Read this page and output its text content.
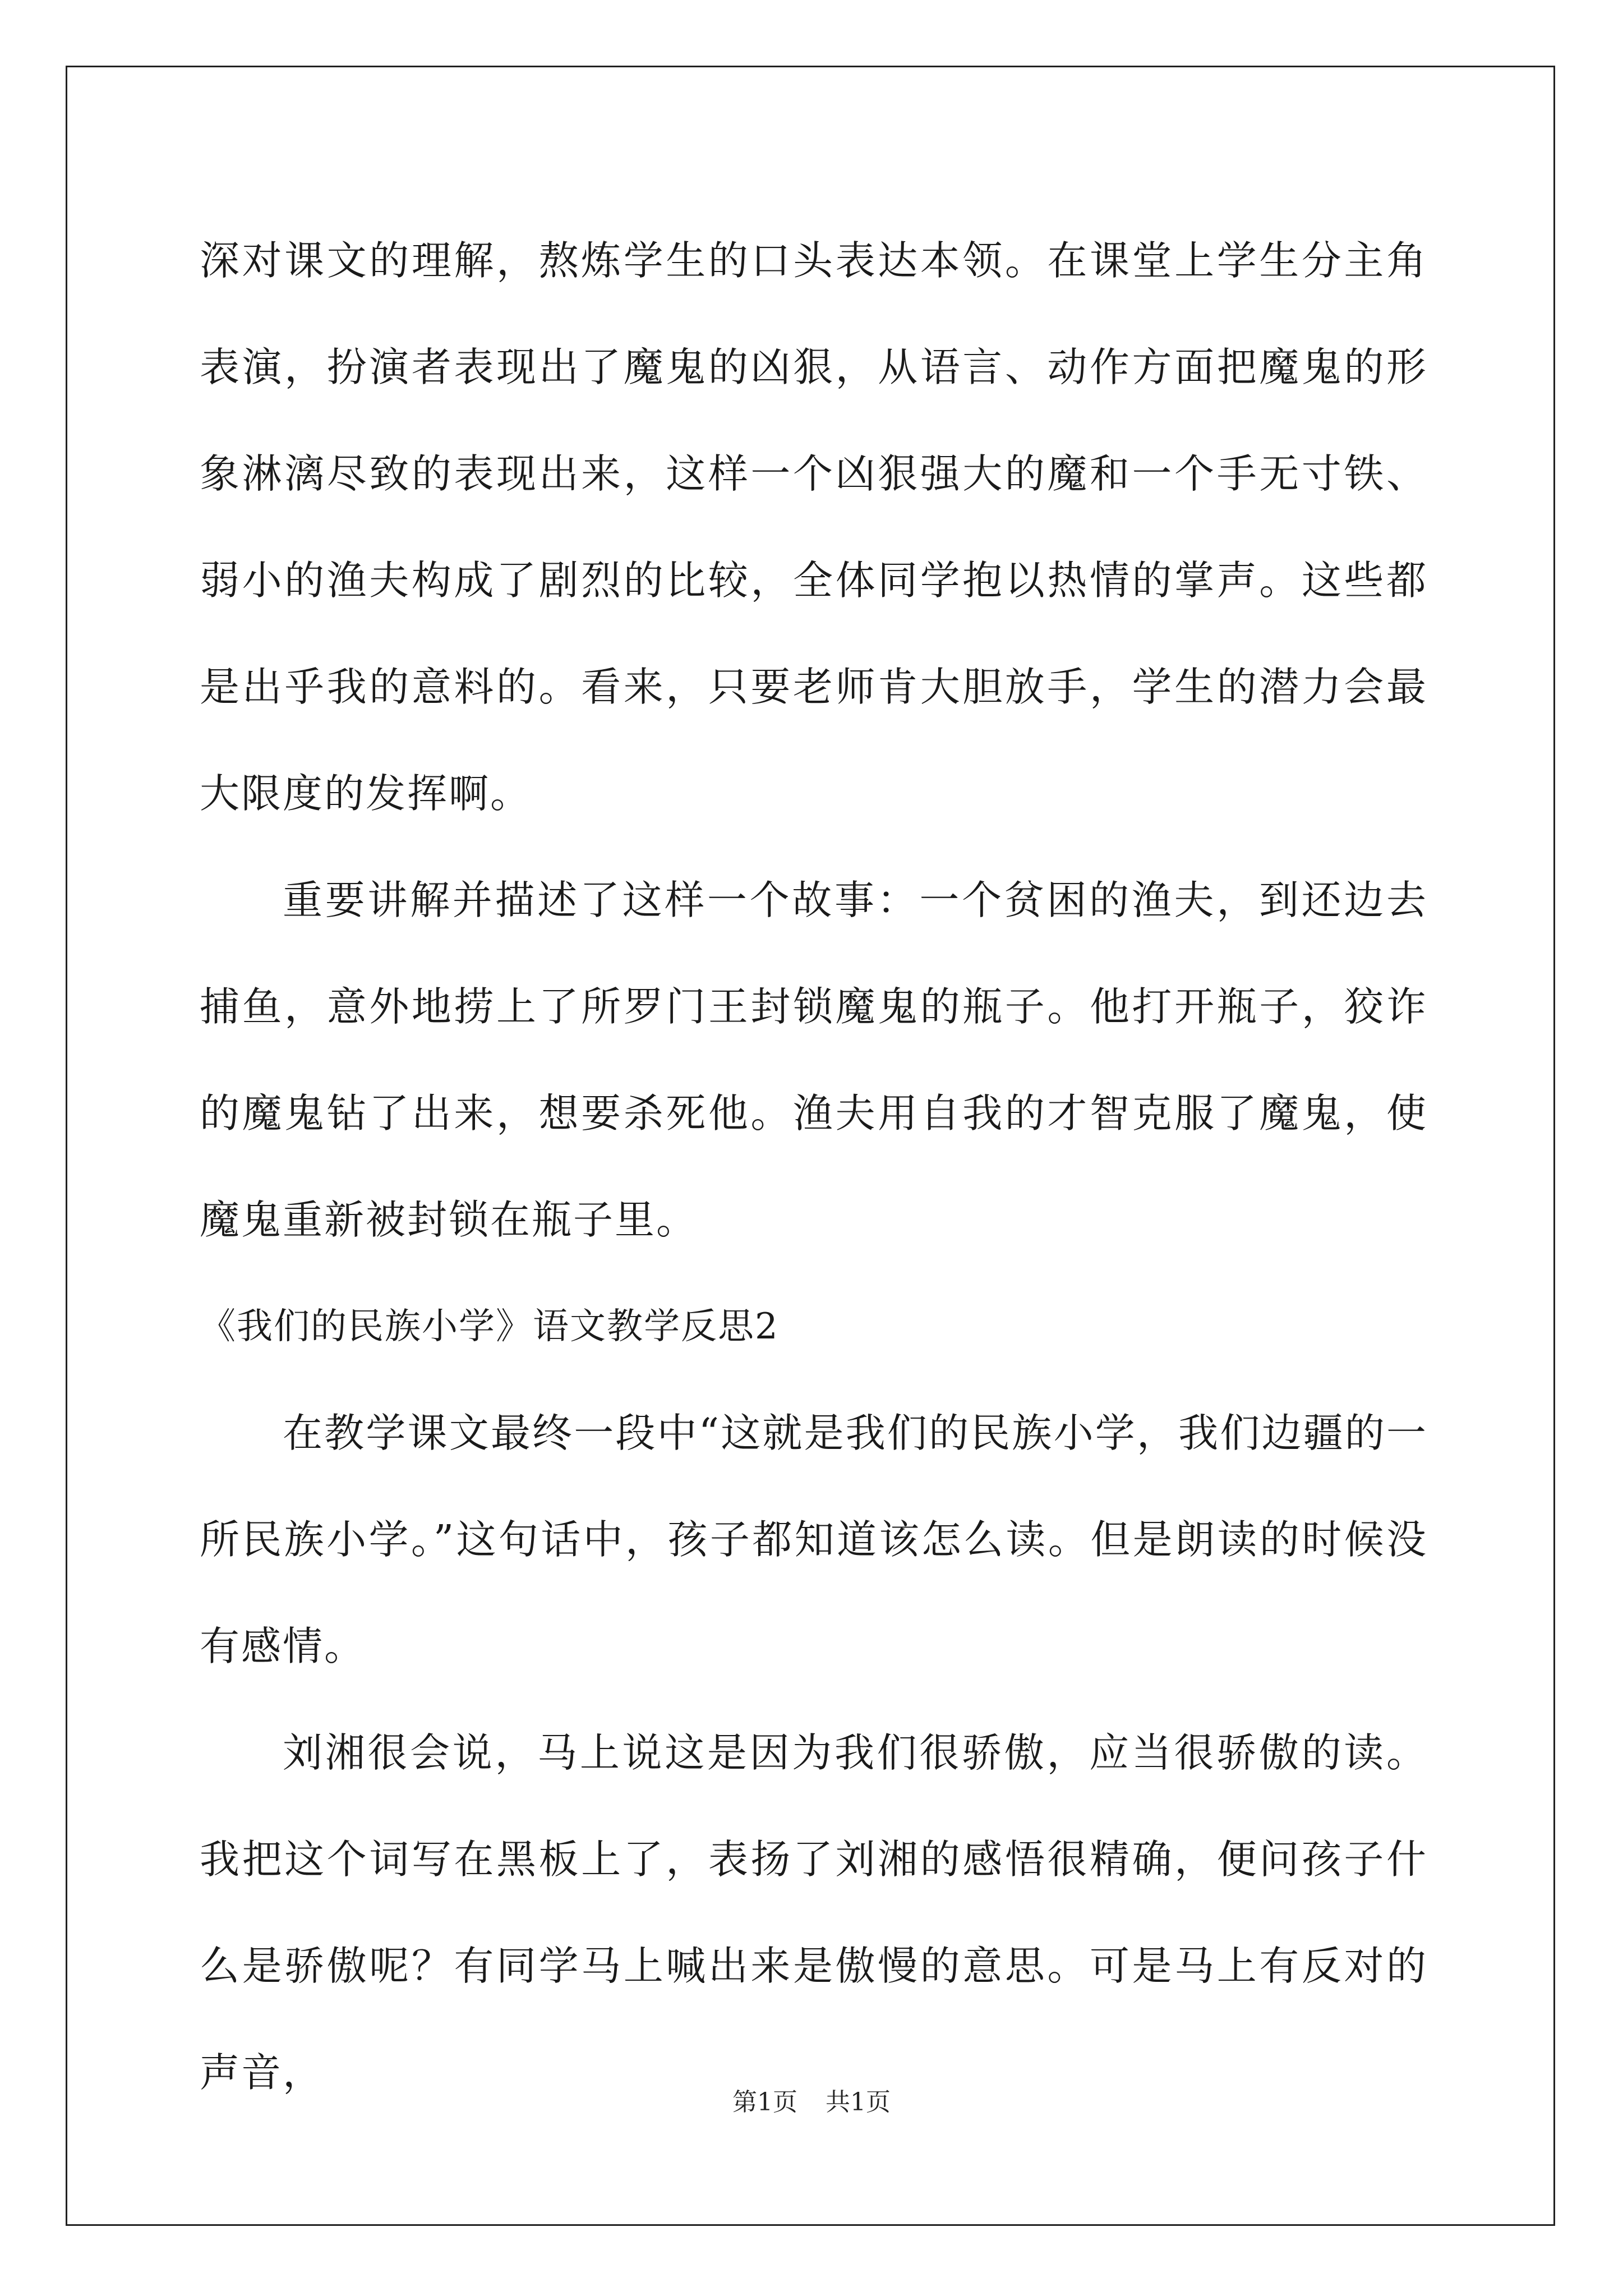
深对课文的理解，熬炼学生的口头表达本领。在课堂上学生分主角表演，扮演者表现出了魔鬼的凶狠，从语言、动作方面把魔鬼的形象淋漓尽致的表现出来，这样一个凶狠强大的魔和一个手无寸铁、弱小的渔夫构成了剧烈的比较，全体同学抱以热情的掌声。这些都是出乎我的意料的。看来，只要老师肯大胆放手，学生的潜力会最大限度的发挥啊。

重要讲解并描述了这样一个故事：一个贫困的渔夫，到还边去捕鱼，意外地捞上了所罗门王封锁魔鬼的瓶子。他打开瓶子，狡诈的魔鬼钻了出来，想要杀死他。渔夫用自我的才智克服了魔鬼，使魔鬼重新被封锁在瓶子里。

《我们的民族小学》语文教学反思2

在教学课文最终一段中“这就是我们的民族小学，我们边疆的一所民族小学。”这句话中，孩子都知道该怎么读。但是朗读的时候没有感情。

刘湘很会说，马上说这是因为我们很骄傲，应当很骄傲的读。我把这个词写在黑板上了，表扬了刘湘的感悟很精确，便问孩子什么是骄傲呢？有同学马上喊出来是傲慢的意思。可是马上有反对的声音，

第1页 共1页
